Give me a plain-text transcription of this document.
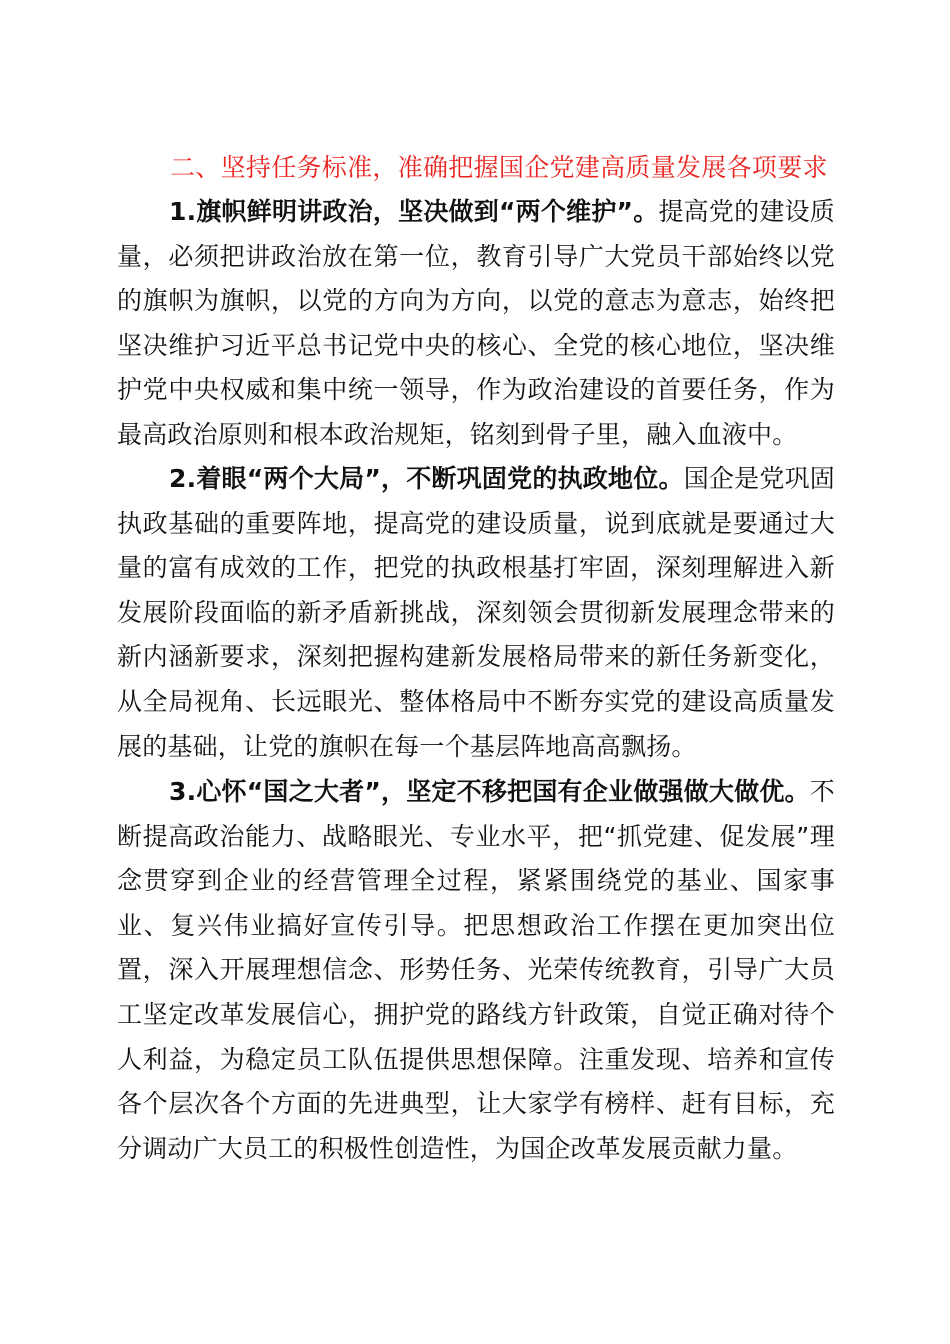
二、坚持任务标准，准确把握国企党建高质量发展各项要求

1.旗帜鲜明讲政治，坚决做到“两个维护”。提高党的建设质量，必须把讲政治放在第一位，教育引导广大党员干部始终以党的旗帜为旗帜，以党的方向为方向，以党的意志为意志，始终把坚决维护习近平总书记党中央的核心、全党的核心地位，坚决维护党中央权威和集中统一领导，作为政治建设的首要任务，作为最高政治原则和根本政治规矩，铭刻到骨子里，融入血液中。

2.着眼“两个大局”，不断巩固党的执政地位。国企是党巩固执政基础的重要阵地，提高党的建设质量，说到底就是要通过大量的富有成效的工作，把党的执政根基打牢固，深刻理解进入新发展阶段面临的新矛盾新挑战，深刻领会贯彻新发展理念带来的新内涵新要求，深刻把握构建新发展格局带来的新任务新变化，从全局视角、长远眼光、整体格局中不断夯实党的建设高质量发展的基础，让党的旗帜在每一个基层阵地高高飘扬。

3.心怀“国之大者”，坚定不移把国有企业做强做大做优。不断提高政治能力、战略眼光、专业水平，把“抓党建、促发展”理念贯穿到企业的经营管理全过程，紧紧围绕党的基业、国家事业、复兴伟业搞好宣传引导。把思想政治工作摆在更加突出位置，深入开展理想信念、形势任务、光荣传统教育，引导广大员工坚定改革发展信心，拥护党的路线方针政策，自觉正确对待个人利益，为稳定员工队伍提供思想保障。注重发现、培养和宣传各个层次各个方面的先进典型，让大家学有榜样、赶有目标，充分调动广大员工的积极性创造性，为国企改革发展贡献力量。
